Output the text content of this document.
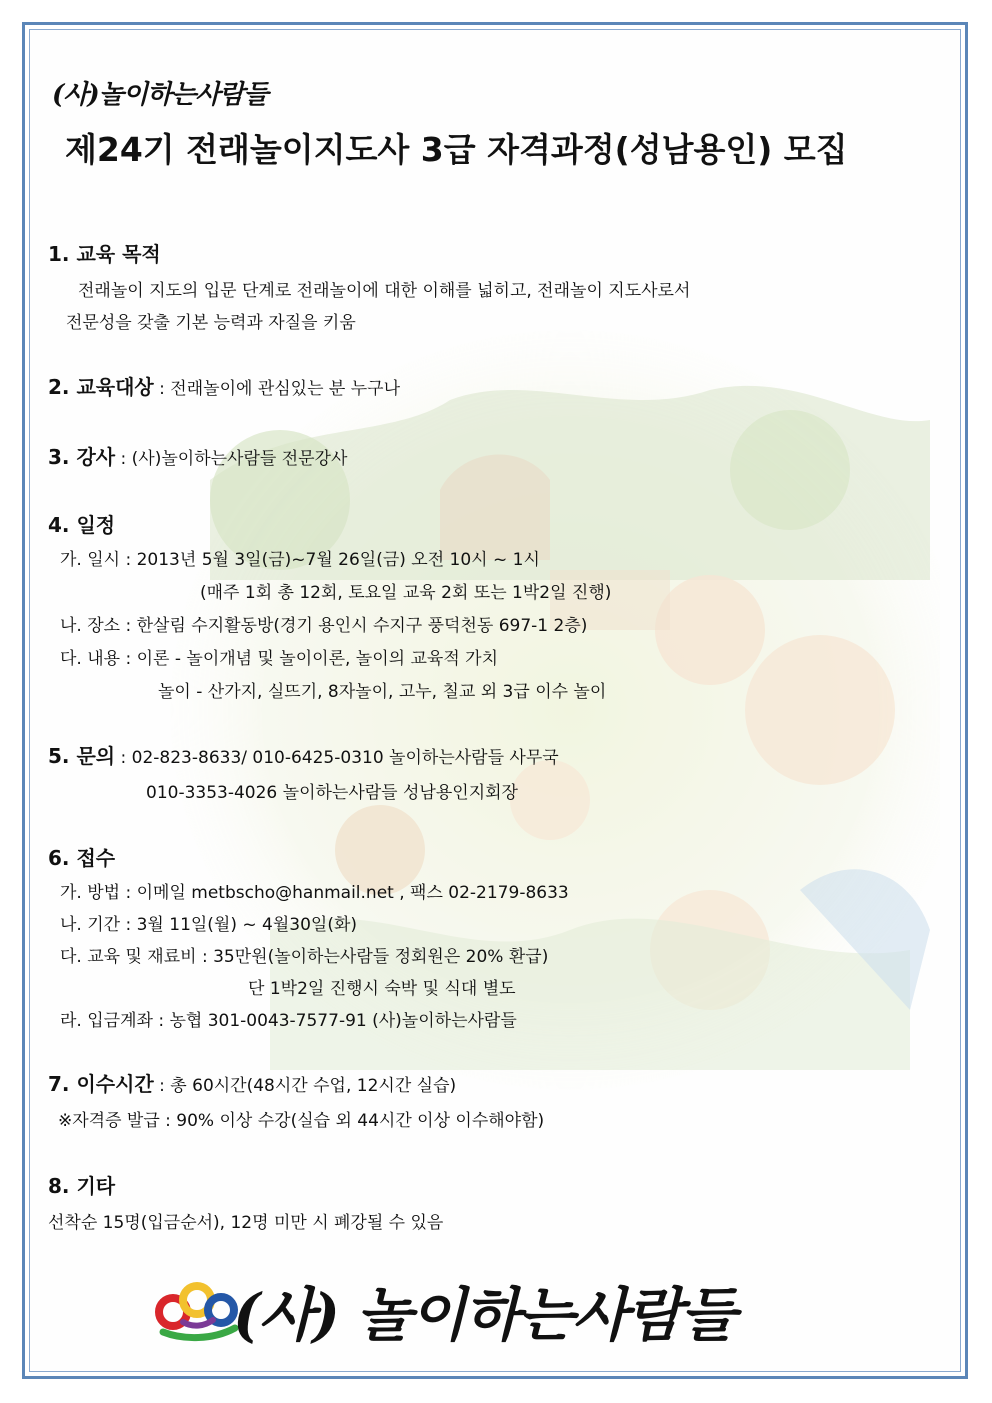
(사)놀이하는사람들
제24기 전래놀이지도사 3급 자격과정(성남용인) 모집
1. 교육 목적
전래놀이 지도의 입문 단계로 전래놀이에 대한 이해를 넓히고, 전래놀이 지도사로서
전문성을 갖출 기본 능력과 자질을 키움
2. 교육대상 : 전래놀이에 관심있는 분 누구나
3. 강사 : (사)놀이하는사람들 전문강사
4. 일정
가. 일시 : 2013년 5월 3일(금)~7월 26일(금) 오전 10시 ~ 1시
(매주 1회 총 12회, 토요일 교육 2회 또는 1박2일 진행)
나. 장소 : 한살림 수지활동방(경기 용인시 수지구 풍덕천동 697-1 2층)
다. 내용 : 이론 - 놀이개념 및 놀이이론, 놀이의 교육적 가치
놀이 - 산가지, 실뜨기, 8자놀이, 고누, 칠교 외 3급 이수 놀이
5. 문의 : 02-823-8633/ 010-6425-0310 놀이하는사람들 사무국
010-3353-4026 놀이하는사람들 성남용인지회장
6. 접수
가. 방법 : 이메일 metbscho@hanmail.net , 팩스 02-2179-8633
나. 기간 : 3월 11일(월) ~ 4월30일(화)
다. 교육 및 재료비 : 35만원(놀이하는사람들 정회원은 20% 환급)
단 1박2일 진행시 숙박 및 식대 별도
라. 입금계좌 : 농협 301-0043-7577-91 (사)놀이하는사람들
7. 이수시간 : 총 60시간(48시간 수업, 12시간 실습)
※자격증 발급 : 90% 이상 수강(실습 외 44시간 이상 이수해야함)
8. 기타
선착순 15명(입금순서), 12명 미만 시 폐강될 수 있음
(사) 놀이하는사람들
